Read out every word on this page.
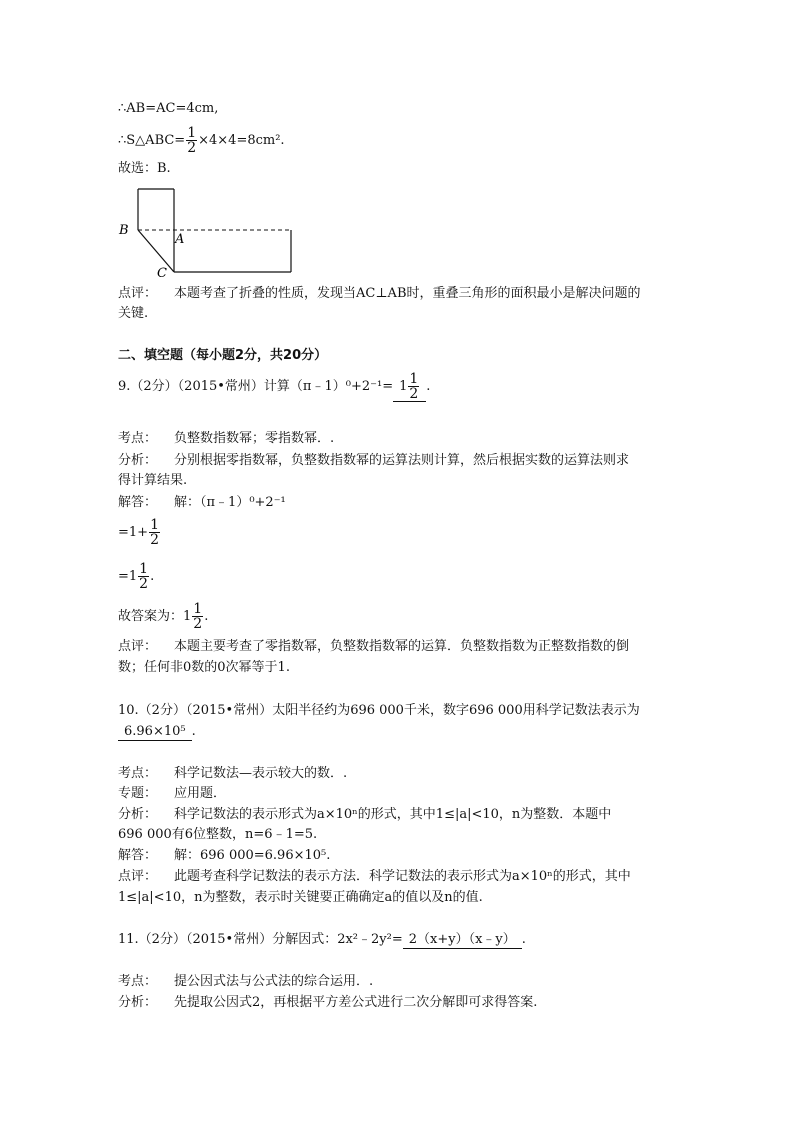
∴AB=AC=4cm,
∴S△ABC= $\frac{1}{2} \times 4\times 4=8cm^2$.
故选：B.
B
A
C
点评： 本题考查了折叠的性质，发现当AC⊥AB时，重叠三角形的面积最小是解决问题的
关键.
二、填空题（每小题2分，共20分）
9.（2分）（2015•常州）计算（π﹣1）⁰+2⁻¹= $1 \frac{1}{2}$ .
考点： 负整数指数幂；零指数幂．.
分析： 分别根据零指数幂，负整数指数幂的运算法则计算，然后根据实数的运算法则求
得计算结果.
解答： 解：（π﹣1）⁰+2⁻¹
$=1+ \frac{1}{2}$
$=1 \frac{1}{2}$ .
故答案为：$1 \frac{1}{2}$ .
点评： 本题主要考查了零指数幂，负整数指数幂的运算．负整数指数为正整数指数的倒
数；任何非0数的0次幂等于1.
10.（2分）（2015•常州）太阳半径约为696 000千米，数字696 000用科学记数法表示为
6.96×10⁵ .
考点： 科学记数法—表示较大的数．.
专题： 应用题．
分析： 科学记数法的表示形式为a×10ⁿ的形式，其中1≤|a|<10，n为整数．本题中
696 000有6位整数，n=6﹣1=5.
解答： 解：696 000=6.96×10⁵.
点评： 此题考查科学记数法的表示方法．科学记数法的表示形式为a×10ⁿ的形式，其中
1≤|a|<10，n为整数，表示时关键要正确确定a的值以及n的值.
11.（2分）（2015•常州）分解因式：2x²﹣2y²= 2（x+y）（x﹣y） .
考点： 提公因式法与公式法的综合运用．.
分析： 先提取公因式2，再根据平方差公式进行二次分解即可求得答案.
